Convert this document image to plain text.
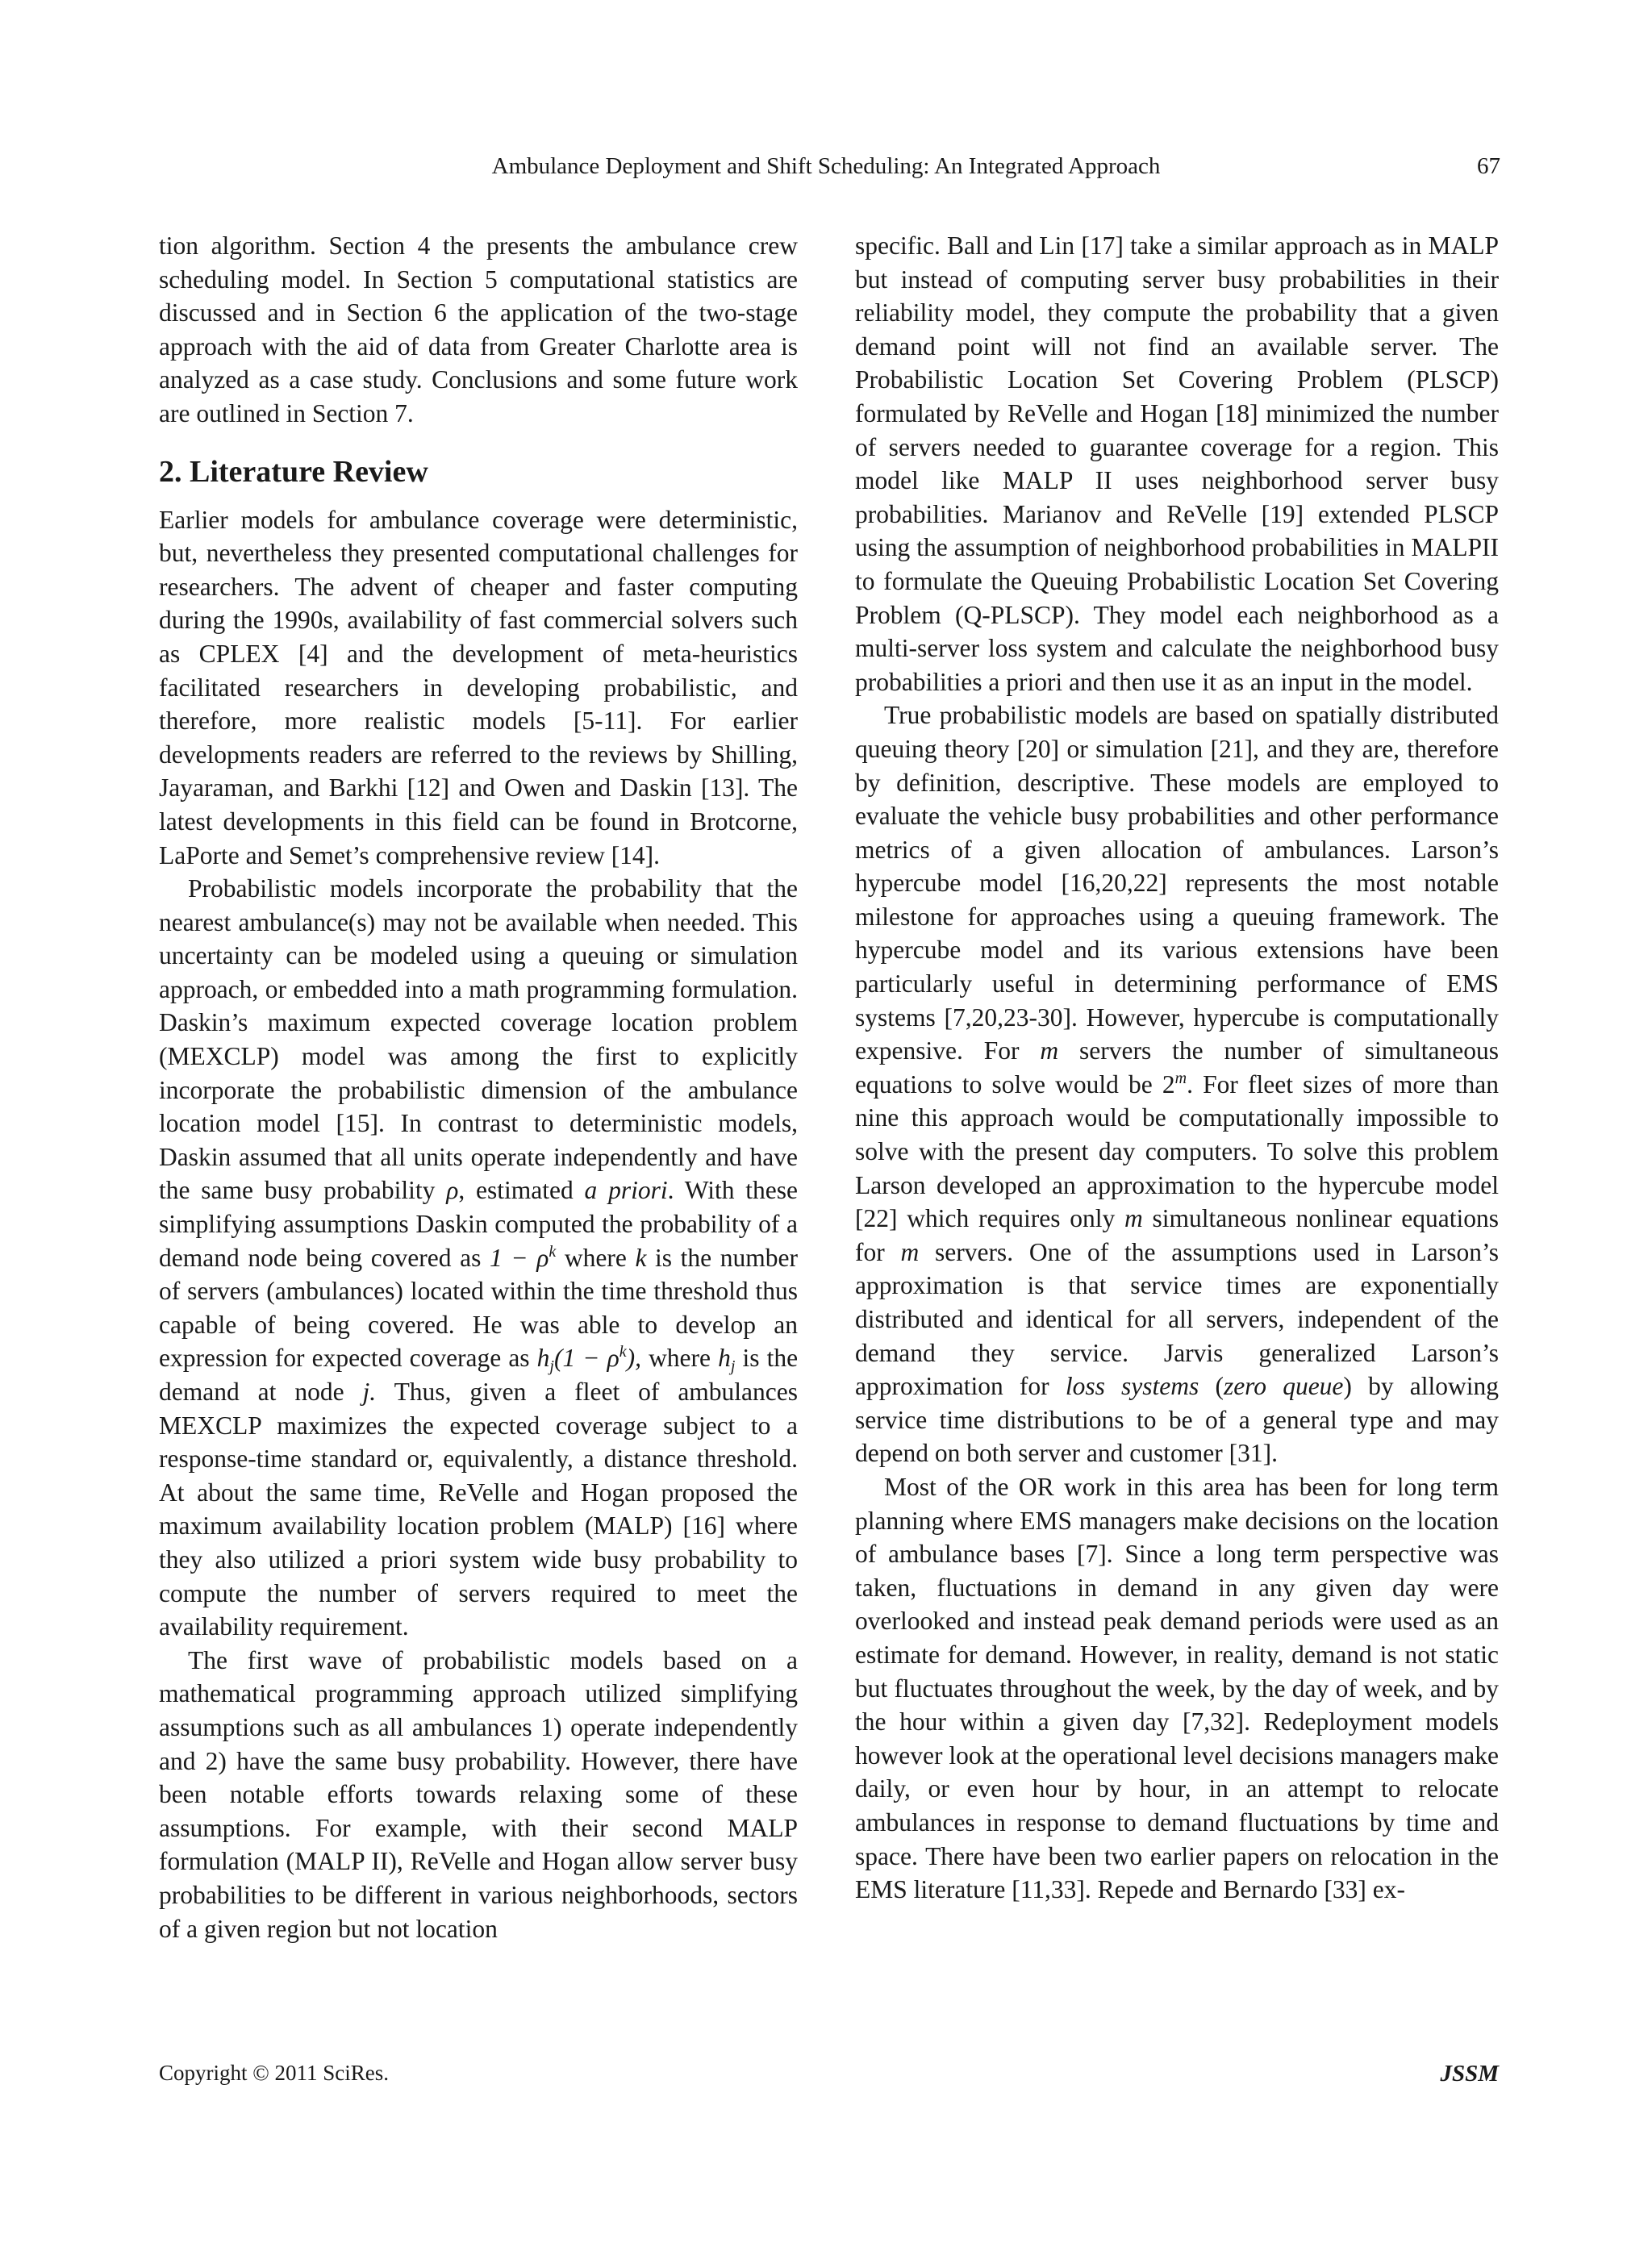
Ambulance Deployment and Shift Scheduling: An Integrated Approach	67

tion algorithm. Section 4 the presents the ambulance crew scheduling model. In Section 5 computational statistics are discussed and in Section 6 the application of the two-stage approach with the aid of data from Greater Charlotte area is analyzed as a case study. Conclusions and some future work are outlined in Section 7.

2. Literature Review

Earlier models for ambulance coverage were deterministic, but, nevertheless they presented computational challenges for researchers. The advent of cheaper and faster computing during the 1990s, availability of fast commercial solvers such as CPLEX [4] and the development of meta-heuristics facilitated researchers in developing probabilistic, and therefore, more realistic models [5-11]. For earlier developments readers are referred to the reviews by Shilling, Jayaraman, and Barkhi [12] and Owen and Daskin [13]. The latest developments in this field can be found in Brotcorne, LaPorte and Semet’s comprehensive review [14].

Probabilistic models incorporate the probability that the nearest ambulance(s) may not be available when needed. This uncertainty can be modeled using a queuing or simulation approach, or embedded into a math programming formulation. Daskin’s maximum expected coverage location problem (MEXCLP) model was among the first to explicitly incorporate the probabilistic dimension of the ambulance location model [15]. In contrast to deterministic models, Daskin assumed that all units operate independently and have the same busy probability ρ, estimated a priori. With these simplifying assumptions Daskin computed the probability of a demand node being covered as $1 - \rho^k$ where k is the number of servers (ambulances) located within the time threshold thus capable of being covered. He was able to develop an expression for expected coverage as $h_j(1 - \rho^k)$, where $h_j$ is the demand at node j. Thus, given a fleet of ambulances MEXCLP maximizes the expected coverage subject to a response-time standard or, equivalently, a distance threshold. At about the same time, ReVelle and Hogan proposed the maximum availability location problem (MALP) [16] where they also utilized a priori system wide busy probability to compute the number of servers required to meet the availability requirement.

The first wave of probabilistic models based on a mathematical programming approach utilized simplifying assumptions such as all ambulances 1) operate independently and 2) have the same busy probability. However, there have been notable efforts towards relaxing some of these assumptions. For example, with their second MALP formulation (MALP II), ReVelle and Hogan allow server busy probabilities to be different in various neighborhoods, sectors of a given region but not location

specific. Ball and Lin [17] take a similar approach as in MALP but instead of computing server busy probabilities in their reliability model, they compute the probability that a given demand point will not find an available server. The Probabilistic Location Set Covering Problem (PLSCP) formulated by ReVelle and Hogan [18] minimized the number of servers needed to guarantee coverage for a region. This model like MALP II uses neighborhood server busy probabilities. Marianov and ReVelle [19] extended PLSCP using the assumption of neighborhood probabilities in MALPII to formulate the Queuing Probabilistic Location Set Covering Problem (Q-PLSCP). They model each neighborhood as a multi-server loss system and calculate the neighborhood busy probabilities a priori and then use it as an input in the model.

True probabilistic models are based on spatially distributed queuing theory [20] or simulation [21], and they are, therefore by definition, descriptive. These models are employed to evaluate the vehicle busy probabilities and other performance metrics of a given allocation of ambulances. Larson’s hypercube model [16,20,22] represents the most notable milestone for approaches using a queuing framework. The hypercube model and its various extensions have been particularly useful in determining performance of EMS systems [7,20,23-30]. However, hypercube is computationally expensive. For m servers the number of simultaneous equations to solve would be 2$^m$. For fleet sizes of more than nine this approach would be computationally impossible to solve with the present day computers. To solve this problem Larson developed an approximation to the hypercube model [22] which requires only m simultaneous nonlinear equations for m servers. One of the assumptions used in Larson’s approximation is that service times are exponentially distributed and identical for all servers, independent of the demand they service. Jarvis generalized Larson’s approximation for loss systems (zero queue) by allowing service time distributions to be of a general type and may depend on both server and customer [31].

Most of the OR work in this area has been for long term planning where EMS managers make decisions on the location of ambulance bases [7]. Since a long term perspective was taken, fluctuations in demand in any given day were overlooked and instead peak demand periods were used as an estimate for demand. However, in reality, demand is not static but fluctuates throughout the week, by the day of week, and by the hour within a given day [7,32]. Redeployment models however look at the operational level decisions managers make daily, or even hour by hour, in an attempt to relocate ambulances in response to demand fluctuations by time and space. There have been two earlier papers on relocation in the EMS literature [11,33]. Repede and Bernardo [33] ex-

Copyright © 2011 SciRes.	JSSM
